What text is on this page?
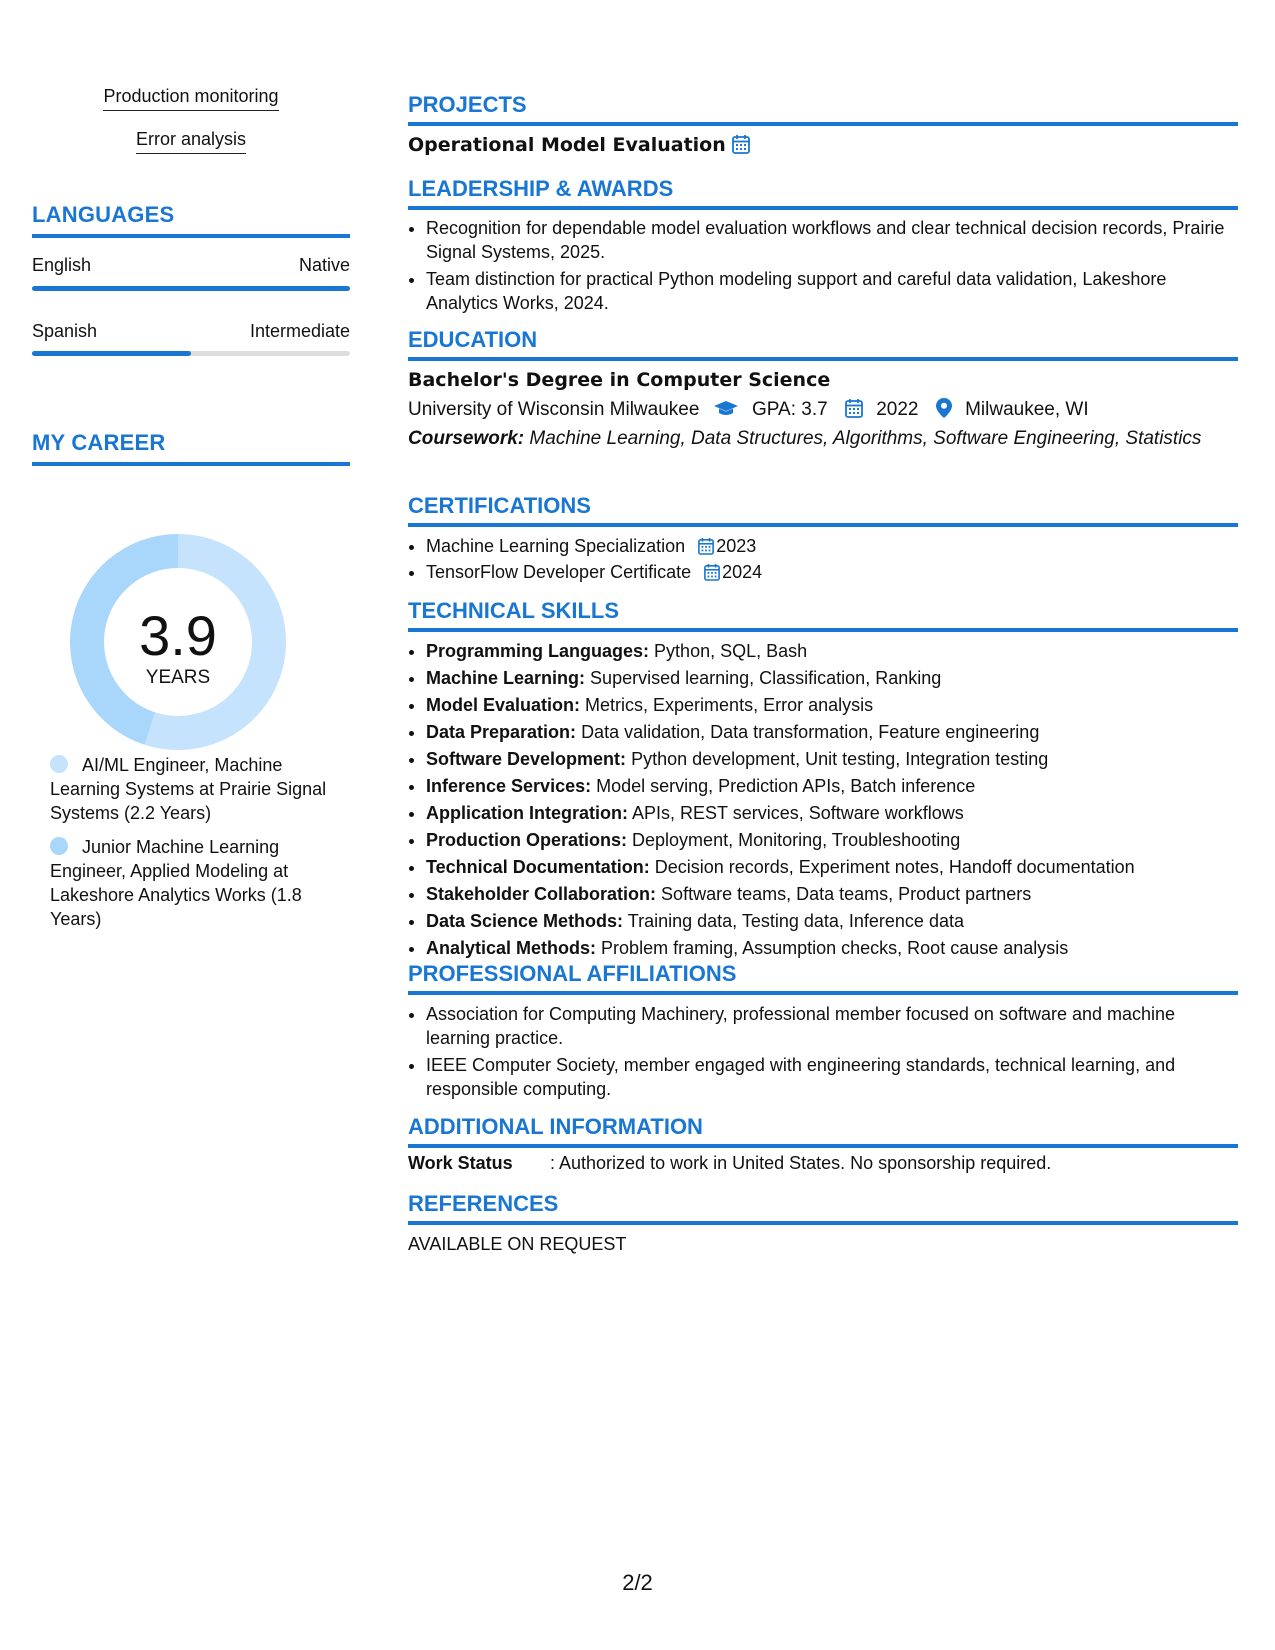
Production monitoring
Error analysis
LANGUAGES
English	Native
Spanish	Intermediate
MY CAREER
3.9
YEARS
AI/ML Engineer, Machine Learning Systems at Prairie Signal Systems (2.2 Years)
Junior Machine Learning Engineer, Applied Modeling at Lakeshore Analytics Works (1.8 Years)
PROJECTS
Operational Model Evaluation
LEADERSHIP & AWARDS
• Recognition for dependable model evaluation workflows and clear technical decision records, Prairie Signal Systems, 2025.
• Team distinction for practical Python modeling support and careful data validation, Lakeshore Analytics Works, 2024.
EDUCATION
Bachelor's Degree in Computer Science
University of Wisconsin Milwaukee	GPA: 3.7	2022 Milwaukee, WI
Coursework: Machine Learning, Data Structures, Algorithms, Software Engineering, Statistics
CERTIFICATIONS
• Machine Learning Specialization 2023
• TensorFlow Developer Certificate 2024
TECHNICAL SKILLS
• Programming Languages: Python, SQL, Bash
• Machine Learning: Supervised learning, Classification, Ranking
• Model Evaluation: Metrics, Experiments, Error analysis
• Data Preparation: Data validation, Data transformation, Feature engineering
• Software Development: Python development, Unit testing, Integration testing
• Inference Services: Model serving, Prediction APIs, Batch inference
• Application Integration: APIs, REST services, Software workflows
• Production Operations: Deployment, Monitoring, Troubleshooting
• Technical Documentation: Decision records, Experiment notes, Handoff documentation
• Stakeholder Collaboration: Software teams, Data teams, Product partners
• Data Science Methods: Training data, Testing data, Inference data
• Analytical Methods: Problem framing, Assumption checks, Root cause analysis
PROFESSIONAL AFFILIATIONS
• Association for Computing Machinery, professional member focused on software and machine learning practice.
• IEEE Computer Society, member engaged with engineering standards, technical learning, and responsible computing.
ADDITIONAL INFORMATION
Work Status : Authorized to work in United States. No sponsorship required.
REFERENCES
AVAILABLE ON REQUEST
2/2
